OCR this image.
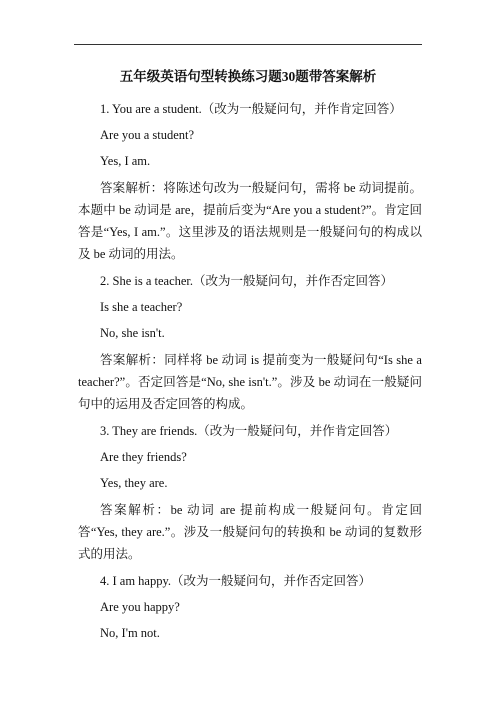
五年级英语句型转换练习题30题带答案解析
1. You are a student.（改为一般疑问句，并作肯定回答）
Are you a student?
Yes, I am.
答案解析：将陈述句改为一般疑问句，需将 be 动词提前。本题中 be 动词是 are，提前后变为“Are you a student?”。肯定回答是“Yes, I am.”。这里涉及的语法规则是一般疑问句的构成以及 be 动词的用法。
2. She is a teacher.（改为一般疑问句，并作否定回答）
Is she a teacher?
No, she isn't.
答案解析：同样将 be 动词 is 提前变为一般疑问句“Is she a teacher?”。否定回答是“No, she isn't.”。涉及 be 动词在一般疑问句中的运用及否定回答的构成。
3. They are friends.（改为一般疑问句，并作肯定回答）
Are they friends?
Yes, they are.
答案解析：be 动词 are 提前构成一般疑问句。肯定回答“Yes, they are.”。涉及一般疑问句的转换和 be 动词的复数形式的用法。
4. I am happy.（改为一般疑问句，并作否定回答）
Are you happy?
No, I'm not.
